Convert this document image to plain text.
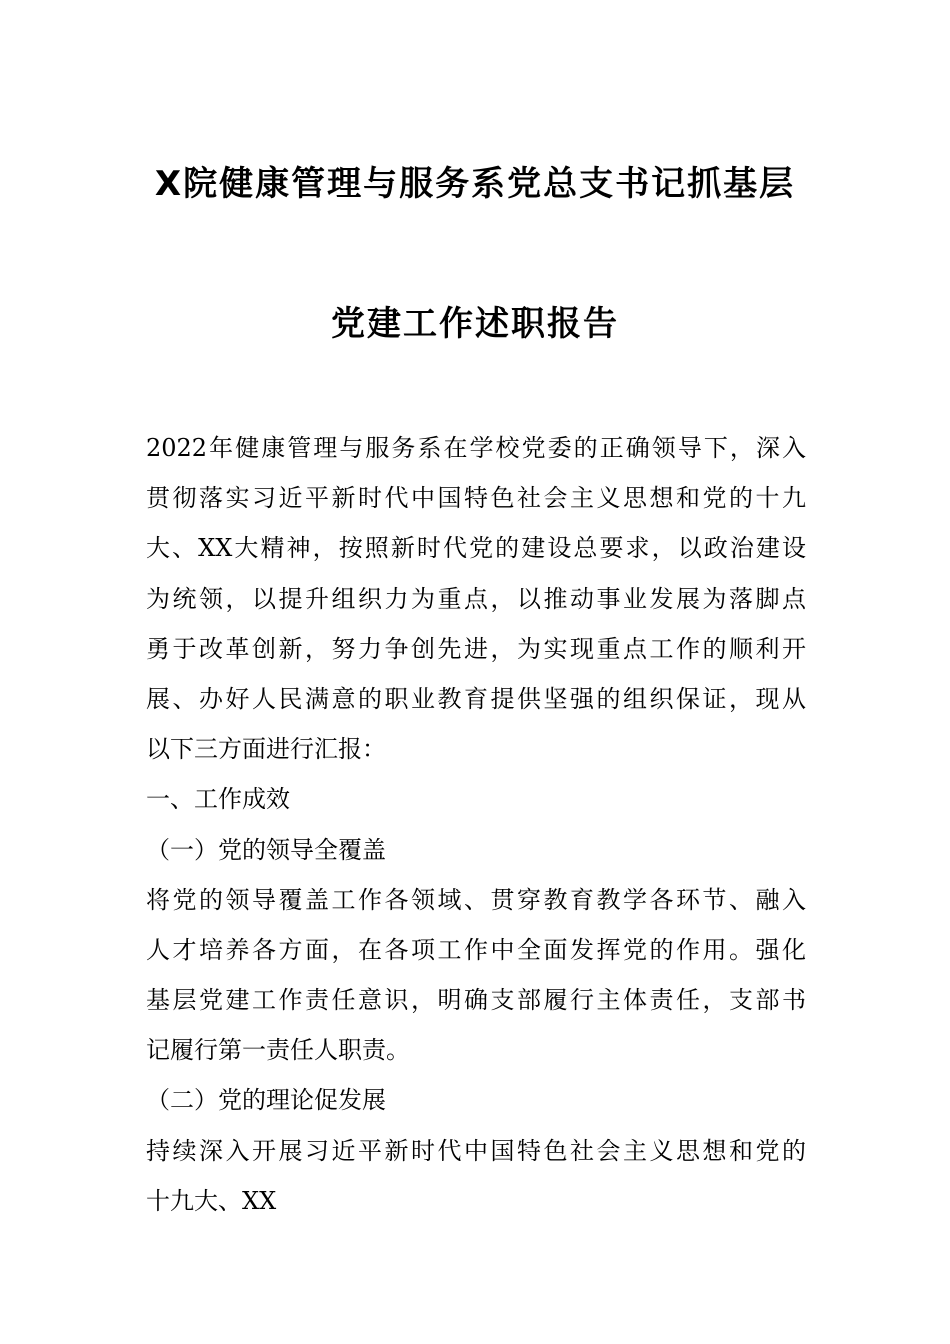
X院健康管理与服务系党总支书记抓基层
党建工作述职报告
2022年健康管理与服务系在学校党委的正确领导下，深入
贯彻落实习近平新时代中国特色社会主义思想和党的十九
大、XX大精神，按照新时代党的建设总要求，以政治建设
为统领，以提升组织力为重点，以推动事业发展为落脚点
勇于改革创新，努力争创先进，为实现重点工作的顺利开
展、办好人民满意的职业教育提供坚强的组织保证，现从
以下三方面进行汇报：
一、工作成效
（一）党的领导全覆盖
将党的领导覆盖工作各领域、贯穿教育教学各环节、融入
人才培养各方面，在各项工作中全面发挥党的作用。强化
基层党建工作责任意识，明确支部履行主体责任，支部书
记履行第一责任人职责。
（二）党的理论促发展
持续深入开展习近平新时代中国特色社会主义思想和党的
十九大、XX
